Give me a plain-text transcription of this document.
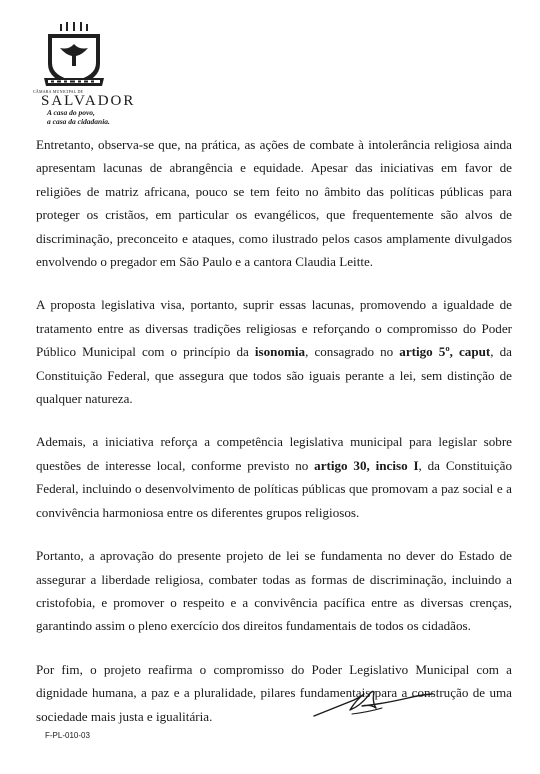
CÂMARA MUNICIPAL DE
SALVADOR
A casa do povo,
a casa da cidadania.

Entretanto, observa-se que, na prática, as ações de combate à intolerância religiosa ainda apresentam lacunas de abrangência e equidade. Apesar das iniciativas em favor de religiões de matriz africana, pouco se tem feito no âmbito das políticas públicas para proteger os cristãos, em particular os evangélicos, que frequentemente são alvos de discriminação, preconceito e ataques, como ilustrado pelos casos amplamente divulgados envolvendo o pregador em São Paulo e a cantora Claudia Leitte.

A proposta legislativa visa, portanto, suprir essas lacunas, promovendo a igualdade de tratamento entre as diversas tradições religiosas e reforçando o compromisso do Poder Público Municipal com o princípio da isonomia, consagrado no artigo 5º, caput, da Constituição Federal, que assegura que todos são iguais perante a lei, sem distinção de qualquer natureza.

Ademais, a iniciativa reforça a competência legislativa municipal para legislar sobre questões de interesse local, conforme previsto no artigo 30, inciso I, da Constituição Federal, incluindo o desenvolvimento de políticas públicas que promovam a paz social e a convivência harmoniosa entre os diferentes grupos religiosos.

Portanto, a aprovação do presente projeto de lei se fundamenta no dever do Estado de assegurar a liberdade religiosa, combater todas as formas de discriminação, incluindo a cristofobia, e promover o respeito e a convivência pacífica entre as diversas crenças, garantindo assim o pleno exercício dos direitos fundamentais de todos os cidadãos.

Por fim, o projeto reafirma o compromisso do Poder Legislativo Municipal com a dignidade humana, a paz e a pluralidade, pilares fundamentais para a construção de uma sociedade mais justa e igualitária.

F-PL-010-03
